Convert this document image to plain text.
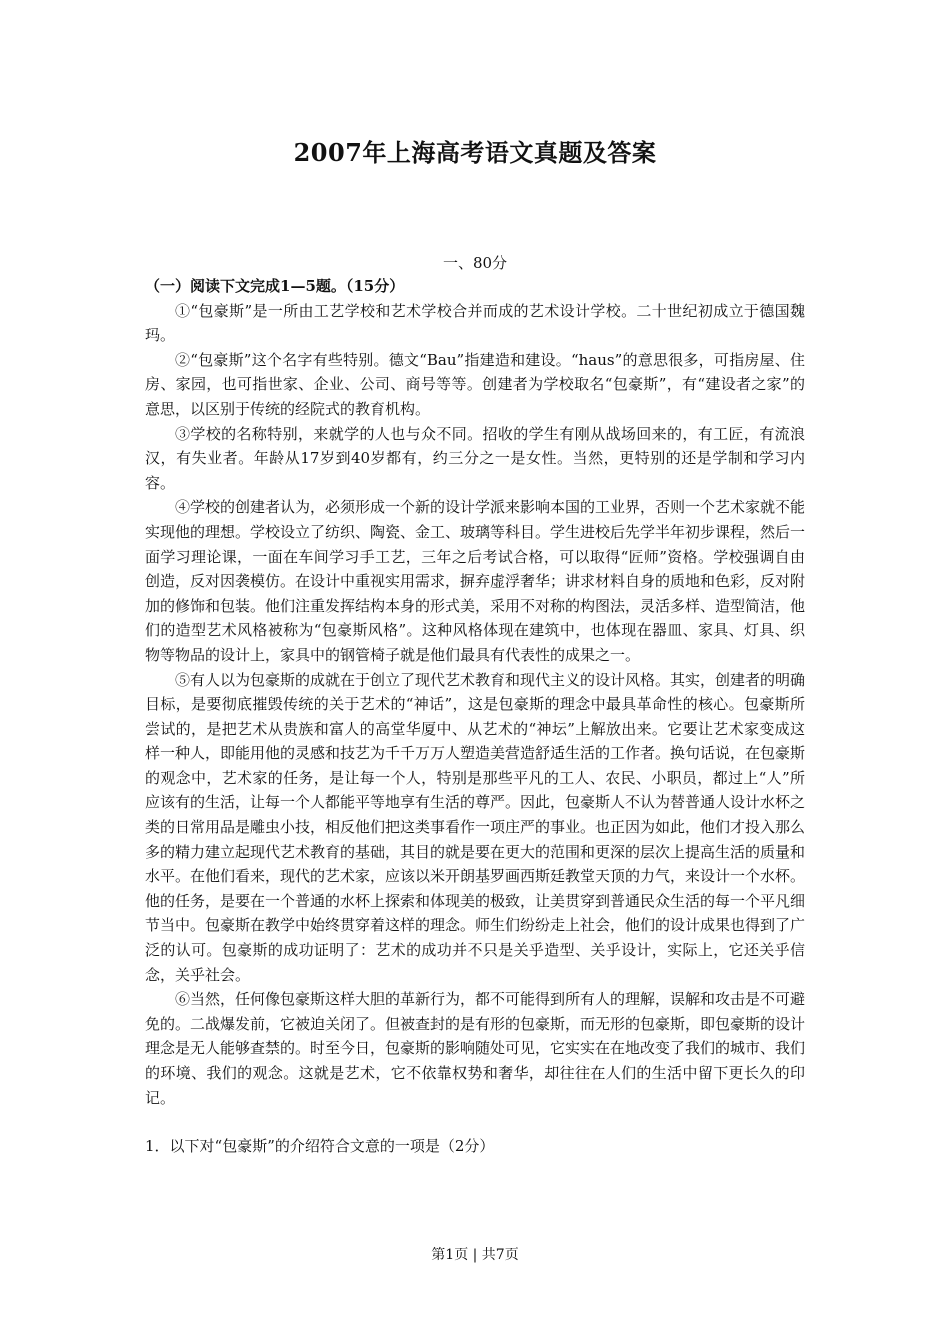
2007年上海高考语文真题及答案
一、80分

（一）阅读下文完成1—5题。（15分）

①“包豪斯”是一所由工艺学校和艺术学校合并而成的艺术设计学校。二十世纪初成立于德国魏玛。

②“包豪斯”这个名字有些特别。德文“Bau”指建造和建设。“haus”的意思很多，可指房屋、住房、家园，也可指世家、企业、公司、商号等等。创建者为学校取名“包豪斯”，有“建设者之家”的意思，以区别于传统的经院式的教育机构。

③学校的名称特别，来就学的人也与众不同。招收的学生有刚从战场回来的，有工匠，有流浪汉，有失业者。年龄从17岁到40岁都有，约三分之一是女性。当然，更特别的还是学制和学习内容。

④学校的创建者认为，必须形成一个新的设计学派来影响本国的工业界，否则一个艺术家就不能实现他的理想。学校设立了纺织、陶瓷、金工、玻璃等科目。学生进校后先学半年初步课程，然后一面学习理论课，一面在车间学习手工艺，三年之后考试合格，可以取得“匠师”资格。学校强调自由创造，反对因袭模仿。在设计中重视实用需求，摒弃虚浮奢华；讲求材料自身的质地和色彩，反对附加的修饰和包装。他们注重发挥结构本身的形式美，采用不对称的构图法，灵活多样、造型简洁，他们的造型艺术风格被称为“包豪斯风格”。这种风格体现在建筑中，也体现在器皿、家具、灯具、织物等物品的设计上，家具中的钢管椅子就是他们最具有代表性的成果之一。

⑤有人以为包豪斯的成就在于创立了现代艺术教育和现代主义的设计风格。其实，创建者的明确目标，是要彻底摧毁传统的关于艺术的“神话”，这是包豪斯的理念中最具革命性的核心。包豪斯所尝试的，是把艺术从贵族和富人的高堂华厦中、从艺术的“神坛”上解放出来。它要让艺术家变成这样一种人，即能用他的灵感和技艺为千千万万人塑造美营造舒适生活的工作者。换句话说，在包豪斯的观念中，艺术家的任务，是让每一个人，特别是那些平凡的工人、农民、小职员，都过上“人”所应该有的生活，让每一个人都能平等地享有生活的尊严。因此，包豪斯人不认为替普通人设计水杯之类的日常用品是雕虫小技，相反他们把这类事看作一项庄严的事业。也正因为如此，他们才投入那么多的精力建立起现代艺术教育的基础，其目的就是要在更大的范围和更深的层次上提高生活的质量和水平。在他们看来，现代的艺术家，应该以米开朗基罗画西斯廷教堂天顶的力气，来设计一个水杯。他的任务，是要在一个普通的水杯上探索和体现美的极致，让美贯穿到普通民众生活的每一个平凡细节当中。包豪斯在教学中始终贯穿着这样的理念。师生们纷纷走上社会，他们的设计成果也得到了广泛的认可。包豪斯的成功证明了：艺术的成功并不只是关乎造型、关乎设计，实际上，它还关乎信念，关乎社会。

⑥当然，任何像包豪斯这样大胆的革新行为，都不可能得到所有人的理解，误解和攻击是不可避免的。二战爆发前，它被迫关闭了。但被查封的是有形的包豪斯，而无形的包豪斯，即包豪斯的设计理念是无人能够查禁的。时至今日，包豪斯的影响随处可见，它实实在在地改变了我们的城市、我们的环境、我们的观念。这就是艺术，它不依靠权势和奢华，却往往在人们的生活中留下更长久的印记。

1．以下对“包豪斯”的介绍符合文意的一项是（2分）

第1页 | 共7页
